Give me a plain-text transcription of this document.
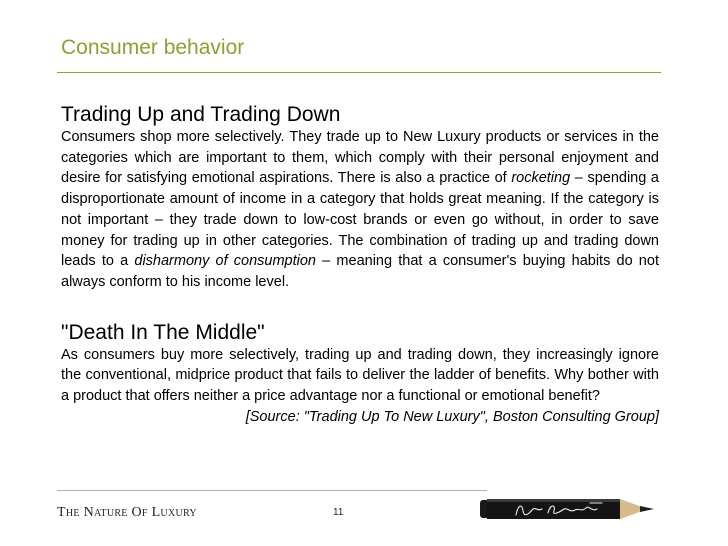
Consumer behavior
Trading Up and Trading Down

Consumers shop more selectively. They trade up to New Luxury products or services in the categories which are important to them, which comply with their personal enjoyment and desire for satisfying emotional aspirations. There is also a practice of rocketing – spending a disproportionate amount of income in a category that holds great meaning. If the category is not important – they trade down to low-cost brands or even go without, in order to save money for trading up in other categories. The combination of trading up and trading down leads to a disharmony of consumption – meaning that a consumer's buying habits do not always conform to his income level.

"Death In The Middle"

As consumers buy more selectively, trading up and trading down, they increasingly ignore the conventional, midprice product that fails to deliver the ladder of benefits. Why bother with a product that offers neither a price advantage nor a functional or emotional benefit?

[Source: "Trading Up To New Luxury", Boston Consulting Group]
The Nature Of Luxury	11
